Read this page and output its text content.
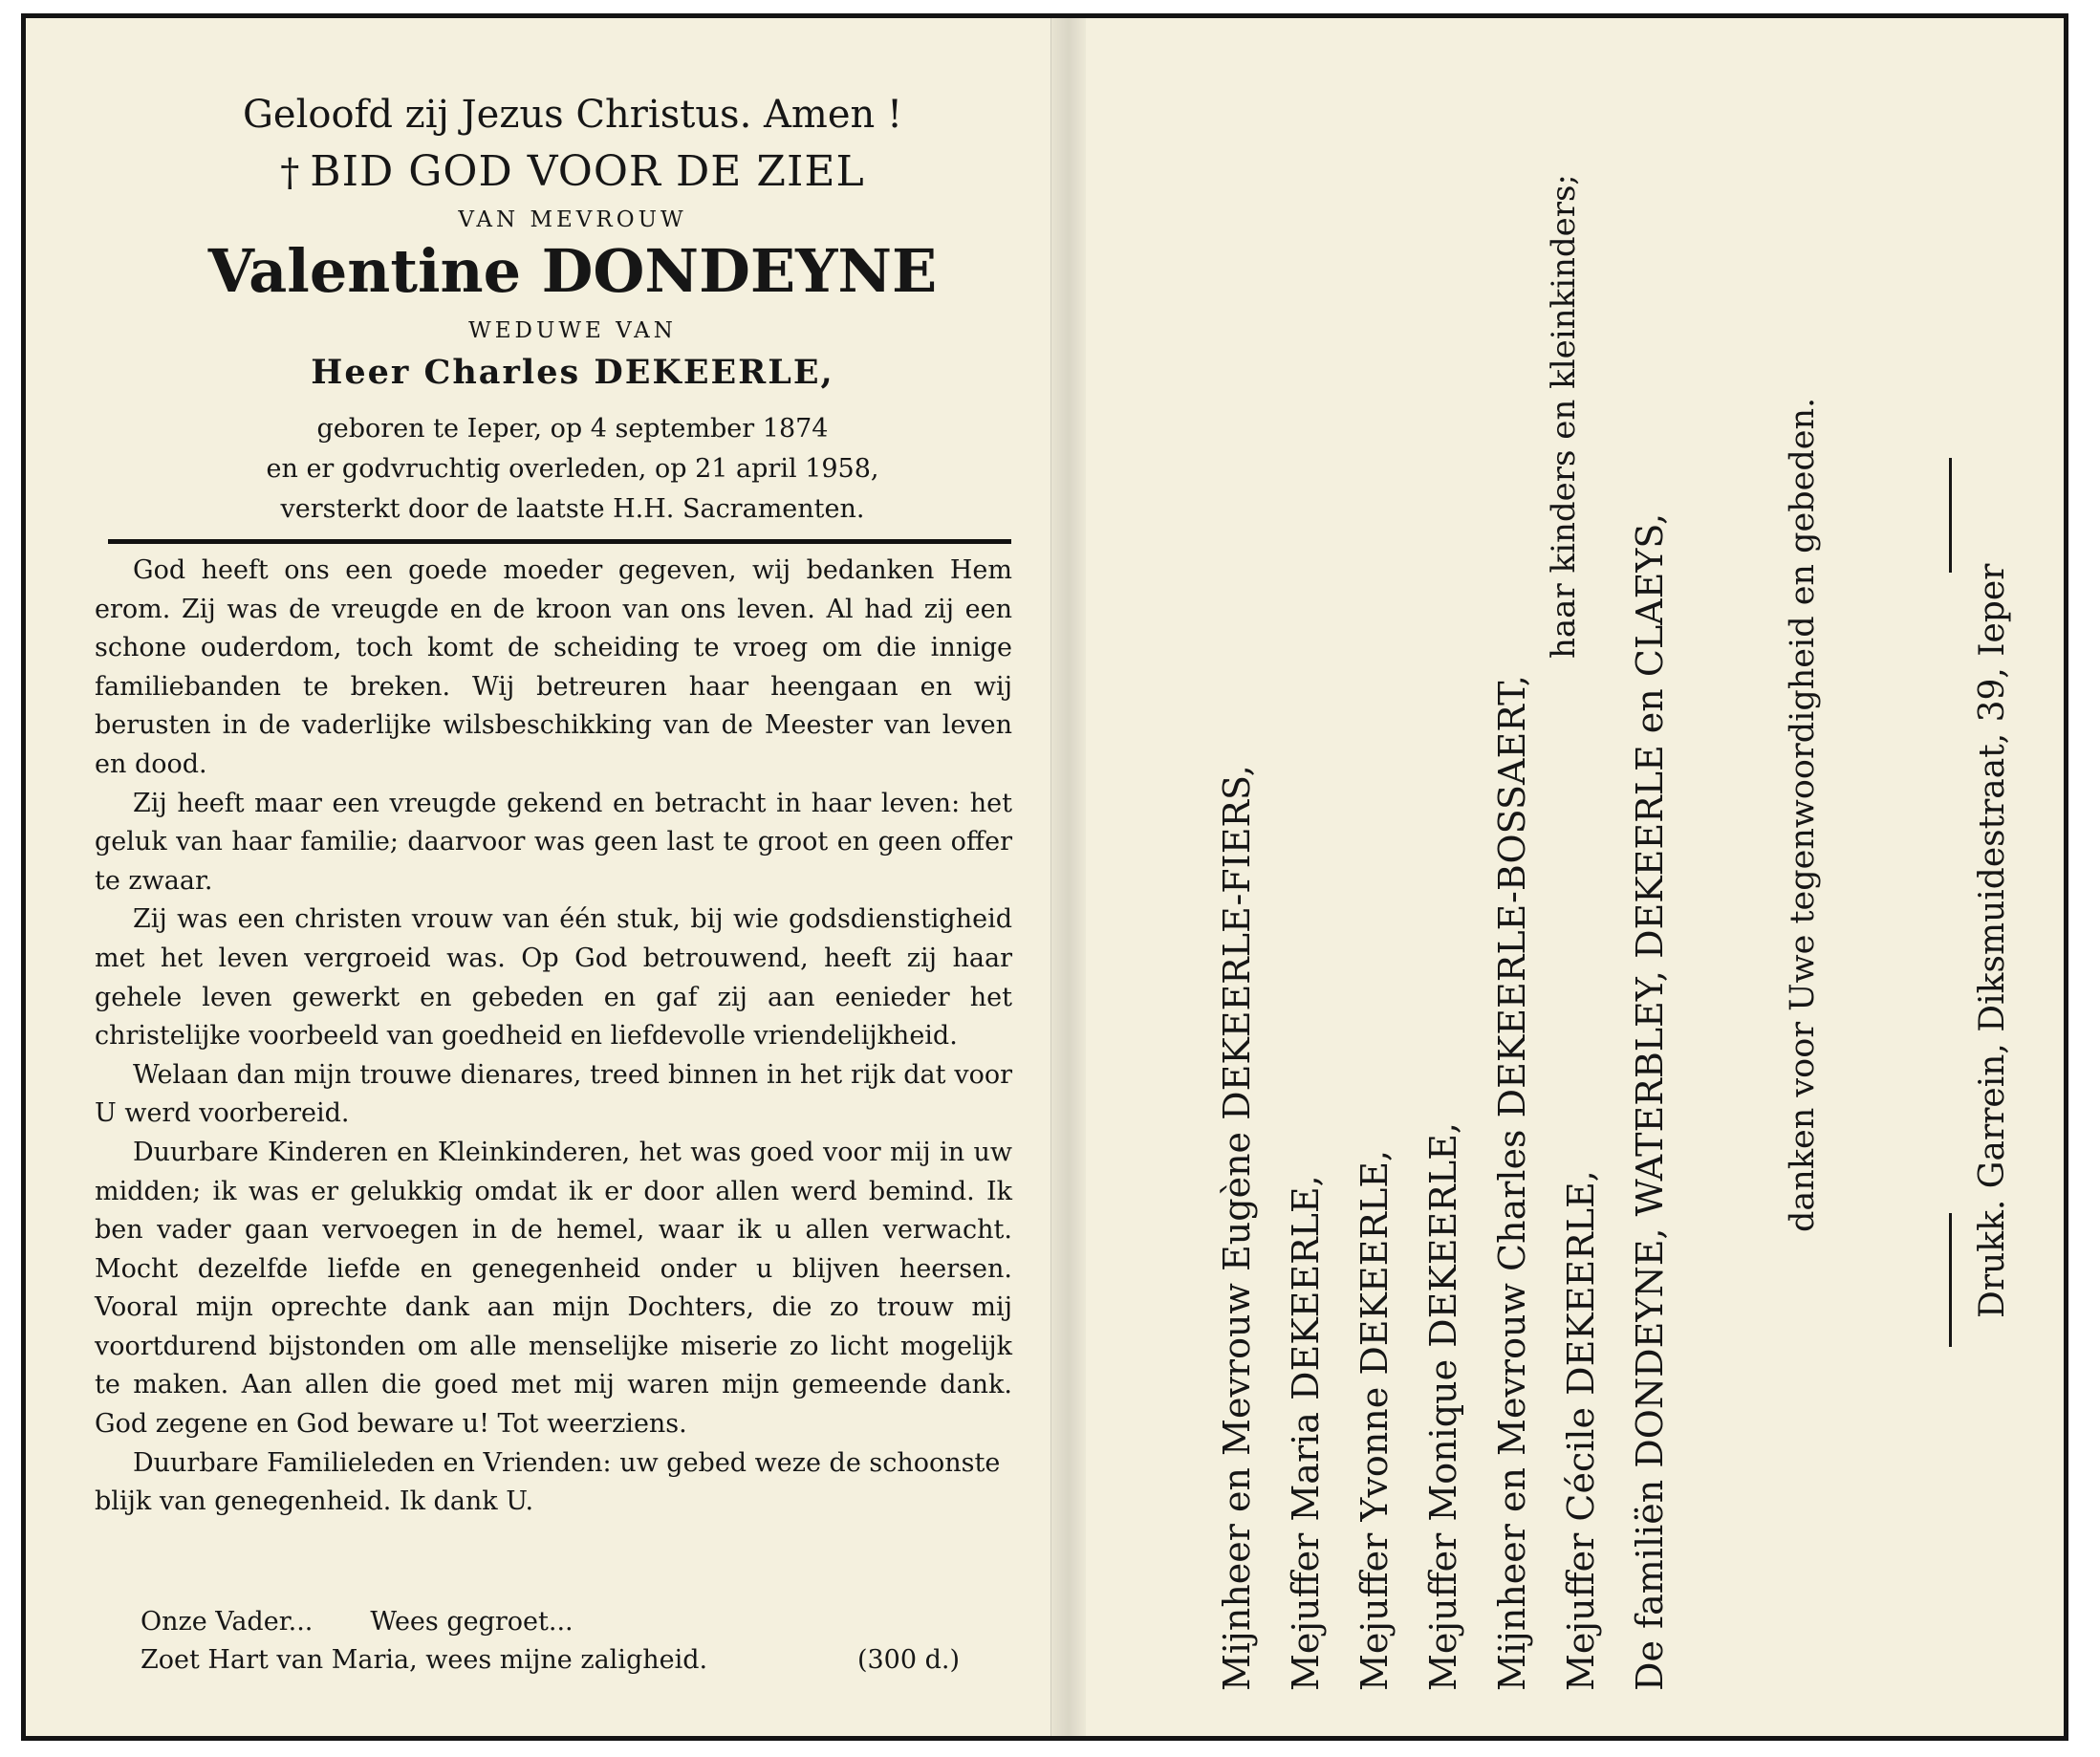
Geloofd zij Jezus Christus. Amen !
† BID GOD VOOR DE ZIEL
VAN MEVROUW
Valentine DONDEYNE
WEDUWE VAN
Heer Charles DEKEERLE,
geboren te Ieper, op 4 september 1874
en er godvruchtig overleden, op 21 april 1958,
versterkt door de laatste H.H. Sacramenten.

God heeft ons een goede moeder gegeven, wij bedanken Hem erom. Zij was de vreugde en de kroon van ons leven. Al had zij een schone ouderdom, toch komt de scheiding te vroeg om die innige familiebanden te breken. Wij betreuren haar heengaan en wij berusten in de vaderlijke wilsbeschikking van de Meester van leven en dood.

Zij heeft maar een vreugde gekend en betracht in haar leven: het geluk van haar familie; daarvoor was geen last te groot en geen offer te zwaar.

Zij was een christen vrouw van één stuk, bij wie godsdienstigheid met het leven vergroeid was. Op God betrouwend, heeft zij haar gehele leven gewerkt en gebeden en gaf zij aan eenieder het christelijke voorbeeld van goedheid en liefdevolle vriendelijkheid.

Welaan dan mijn trouwe dienares, treed binnen in het rijk dat voor U werd voorbereid.

Duurbare Kinderen en Kleinkinderen, het was goed voor mij in uw midden; ik was er gelukkig omdat ik er door allen werd bemind. Ik ben vader gaan vervoegen in de hemel, waar ik u allen verwacht. Mocht dezelfde liefde en genegenheid onder u blijven heersen. Vooral mijn oprechte dank aan mijn Dochters, die zo trouw mij voortdurend bijstonden om alle menselijke miserie zo licht mogelijk te maken. Aan allen die goed met mij waren mijn gemeende dank. God zegene en God beware u! Tot weerziens.

Duurbare Familieleden en Vrienden: uw gebed weze de schoonste blijk van genegenheid. Ik dank U.

Onze Vader... Wees gegroet...
Zoet Hart van Maria, wees mijne zaligheid.	(300 d.)	Mijnheer en Mevrouw Eugène DEKEERLE-FIERS, Mejuffer Maria DEKEERLE, Mejuffer Yvonne DEKEERLE, Mejuffer Monique DEKEERLE, Mijnheer en Mevrouw Charles DEKEERLE-BOSSAERT,
haar kinders en kleinkinders;
Mejuffer Cécile DEKEERLE, De familiën DONDEYNE, WATERBLEY, DEKEERLE en CLAEYS,	danken voor Uwe tegenwoordigheid en gebeden.	Drukk. Garrein, Diksmuidestraat, 39, Ieper
